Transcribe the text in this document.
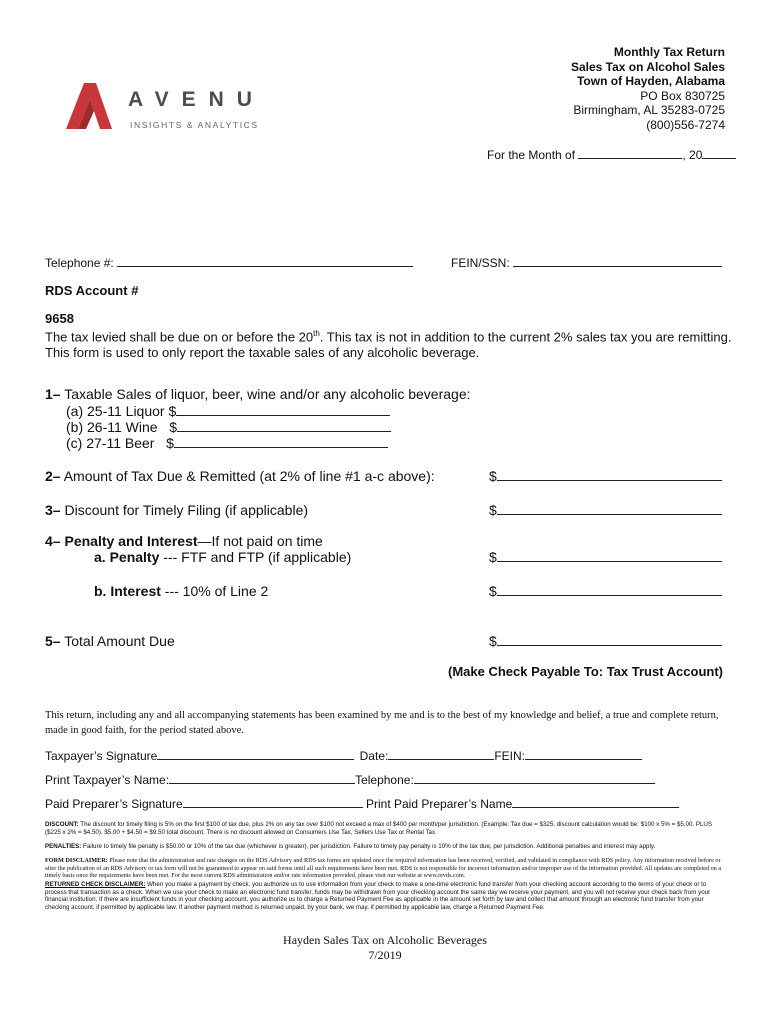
Monthly Tax Return
Sales Tax on Alcohol Sales
Town of Hayden, Alabama
PO Box 830725
Birmingham, AL 35283-0725
(800)556-7274
AVENU
INSIGHTS & ANALYTICS
For the Month of	, 20
Telephone #:	FEIN/SSN:
RDS Account #
9658
The tax levied shall be due on or before the 20th. This tax is not in addition to the current 2% sales tax you are remitting.
This form is used to only report the taxable sales of any alcoholic beverage.
1– Taxable Sales of liquor, beer, wine and/or any alcoholic beverage:
(a) 25-11 Liquor $
(b) 26-11 Wine   $
(c) 27-11 Beer   $
2– Amount of Tax Due & Remitted (at 2% of line #1 a-c above):	$
3– Discount for Timely Filing (if applicable)	$
4– Penalty and Interest—If not paid on time
a. Penalty --- FTF and FTP (if applicable)	$
b. Interest --- 10% of Line 2	$
5– Total Amount Due	$
(Make Check Payable To: Tax Trust Account)
This return, including any and all accompanying statements has been examined by me and is to the best of my knowledge and belief, a true and complete return, made in good faith, for the period stated above.
Taxpayer’s Signature	Date:	FEIN:
Print Taxpayer’s Name:	Telephone:
Paid Preparer’s Signature	Print Paid Preparer’s Name
DISCOUNT: The discount for timely filing is 5% on the first $100 of tax due, plus 2% on any tax over $100 not exceed a max of $400 per month/per jurisdiction. (Example: Tax due = $325, discount calculation would be: $100 x 5% = $5.00. PLUS ($225 x 2% = $4.50). $5.00 + $4.50 = $9.50 total discount. There is no discount allowed on Consumers Use Tax, Sellers Use Tax or Rental Tax.
PENALTIES: Failure to timely file penalty is $50.00 or 10% of the tax due (whichever is greater), per jurisdiction. Failure to timely pay penalty is 10% of the tax due, per jurisdiction. Additional penalties and interest may apply.
FORM DISCLAIMER: Please note that the administration and rate changes on the RDS Advisory and RDS tax forms are updated once the required information has been received, verified, and validated in compliance with RDS policy. Any information received before or after the publication of an RDS Advisory or tax form will not be guaranteed to appear on said forms until all such requirements have been met. RDS is not responsible for incorrect information and/or improper use of the information provided. All updates are completed on a timely basis once the requirements have been met. For the most current RDS administration and/or rate information provided, please visit our website at www.revds.com.
RETURNED CHECK DISCLAIMER: When you make a payment by check, you authorize us to use information from your check to make a one-time electronic fund transfer from your checking account according to the terms of your check or to process that transaction as a check. When we use your check to make an electronic fund transfer, funds may be withdrawn from your checking account the same day we receive your payment, and you will not receive your check back from your financial institution. If there are insufficient funds in your checking account, you authorize us to charge a Returned Payment Fee as applicable in the amount set forth by law and collect that amount through an electronic fund transfer from your checking account, if permitted by applicable law. If another payment method is returned unpaid, by your bank, we may, if permitted by applicable law, charge a Returned Payment Fee.
Hayden Sales Tax on Alcoholic Beverages
7/2019
